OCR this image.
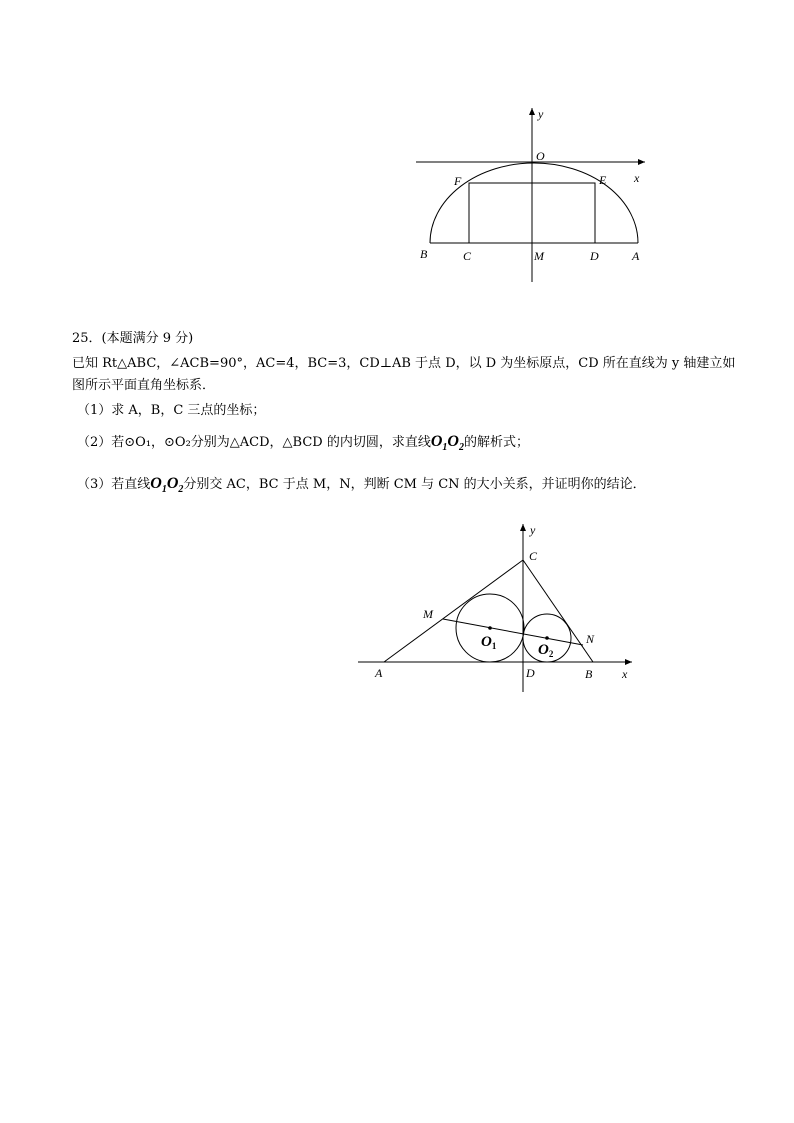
y
x
O
F	E
B	C	M	D	A

25．(本题满分 9 分)

已知 Rt△ABC，∠ACB=90°，AC=4，BC=3，CD⊥AB 于点 D，以 D 为坐标原点，CD 所在直线为 y 轴建立如

图所示平面直角坐标系．

（1）求 A，B，C 三点的坐标；

（2）若⊙O₁，⊙O₂分别为△ACD，△BCD 的内切圆，求直线$O_1O_2$的解析式；

（3）若直线$O_1O_2$分别交 AC，BC 于点 M，N，判断 CM 与 CN 的大小关系，并证明你的结论．

y
x
C
M
N
A	D	B
$O_1$	$O_2$
